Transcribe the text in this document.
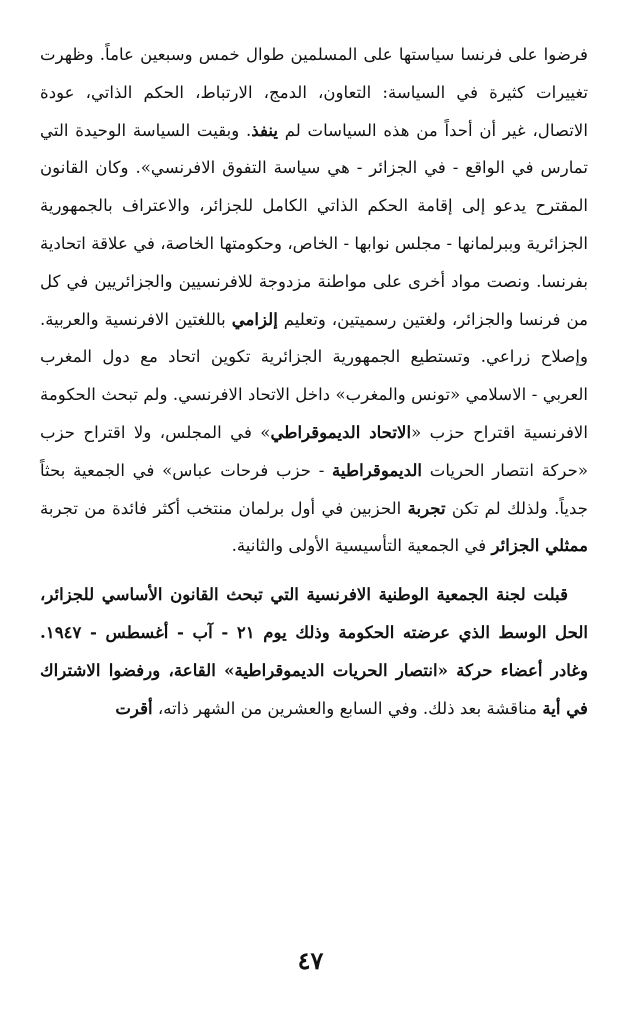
فرضوا على فرنسا سياستها على المسلمين طوال خمس وسبعين عاماً. وظهرت تغييرات كثيرة في السياسة: التعاون، الدمج، الارتباط، الحكم الذاتي، عودة الاتصال، غير أن أحداً من هذه السياسات لم ينفذ. وبقيت السياسة الوحيدة التي تمارس في الواقع - في الجزائر - هي سياسة التفوق الافرنسي». وكان القانون المقترح يدعو إلى إقامة الحكم الذاتي الكامل للجزائر، والاعتراف بالجمهورية الجزائرية وببرلمانها - مجلس نوابها - الخاص، وحكومتها الخاصة، في علاقة اتحادية بفرنسا. ونصت مواد أخرى على مواطنة مزدوجة للافرنسيين والجزائريين في كل من فرنسا والجزائر، ولغتين رسميتين، وتعليم إلزامي باللغتين الافرنسية والعربية. وإصلاح زراعي. وتستطيع الجمهورية الجزائرية تكوين اتحاد مع دول المغرب العربي - الاسلامي «تونس والمغرب» داخل الاتحاد الافرنسي. ولم تبحث الحكومة الافرنسية اقتراح حزب «الاتحاد الديموقراطي» في المجلس، ولا اقتراح حزب «حركة انتصار الحريات الديموقراطية - حزب فرحات عباس» في الجمعية بحثاً جدياً. ولذلك لم تكن تجربة الحزبين في أول برلمان منتخب أكثر فائدة من تجربة ممثلي الجزائر في الجمعية التأسيسية الأولى والثانية.

قبلت لجنة الجمعية الوطنية الافرنسية التي تبحث القانون الأساسي للجزائر، الحل الوسط الذي عرضته الحكومة وذلك يوم ٢١ - آب - أغسطس - ١٩٤٧. وغادر أعضاء حركة «انتصار الحريات الديموقراطية» القاعة، ورفضوا الاشتراك في أية مناقشة بعد ذلك. وفي السابع والعشرين من الشهر ذاته، أقرت

٤٧
